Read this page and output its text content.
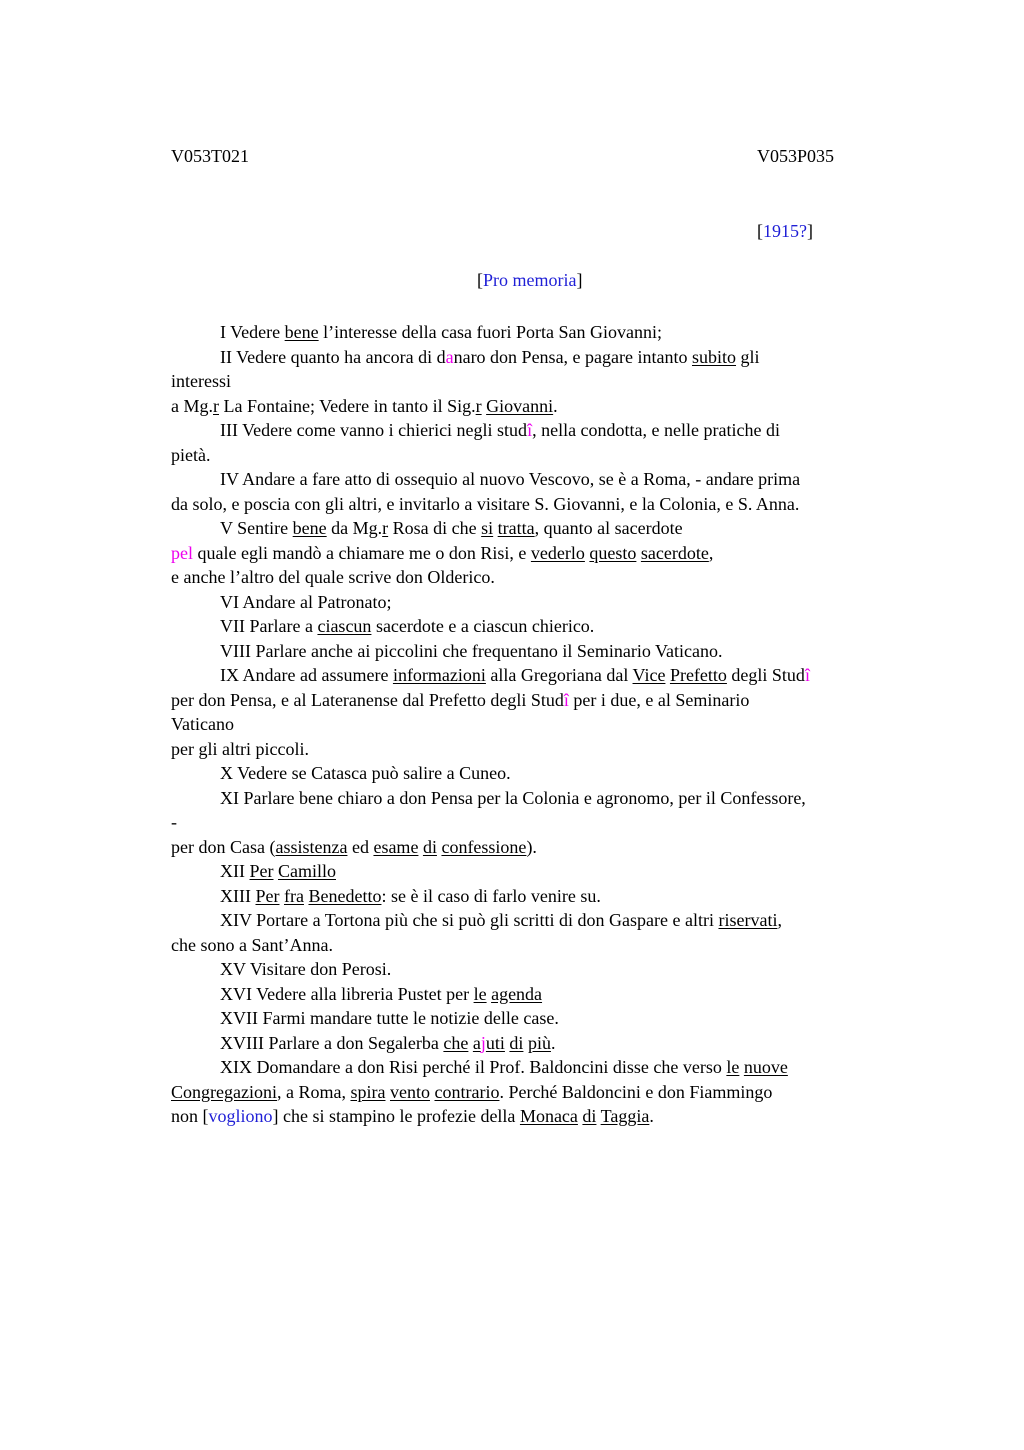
V053T021	V053P035
[1915?]
[Pro memoria]
I Vedere bene l’interesse della casa fuori Porta San Giovanni;
II Vedere quanto ha ancora di danaro don Pensa, e pagare intanto subito gli
interessi
a Mg.r La Fontaine; Vedere in tanto il Sig.r Giovanni.
III Vedere come vanno i chierici negli studî, nella condotta, e nelle pratiche di
pietà.
IV Andare a fare atto di ossequio al nuovo Vescovo, se è a Roma, - andare prima
da solo, e poscia con gli altri, e invitarlo a visitare S. Giovanni, e la Colonia, e S. Anna.
V Sentire bene da Mg.r Rosa di che si tratta, quanto al sacerdote
pel quale egli mandò a chiamare me o don Risi, e vederlo questo sacerdote,
e anche l’altro del quale scrive don Olderico.
VI Andare al Patronato;
VII Parlare a ciascun sacerdote e a ciascun chierico.
VIII Parlare anche ai piccolini che frequentano il Seminario Vaticano.
IX Andare ad assumere informazioni alla Gregoriana dal Vice Prefetto degli Studî
per don Pensa, e al Lateranense dal Prefetto degli Studî per i due, e al Seminario
Vaticano
per gli altri piccoli.
X Vedere se Catasca può salire a Cuneo.
XI Parlare bene chiaro a don Pensa per la Colonia e agronomo, per il Confessore,
-
per don Casa (assistenza ed esame di confessione).
XII Per Camillo
XIII Per fra Benedetto: se è il caso di farlo venire su.
XIV Portare a Tortona più che si può gli scritti di don Gaspare e altri riservati,
che sono a Sant’Anna.
XV Visitare don Perosi.
XVI Vedere alla libreria Pustet per le agenda
XVII Farmi mandare tutte le notizie delle case.
XVIII Parlare a don Segalerba che ajuti di più.
XIX Domandare a don Risi perché il Prof. Baldoncini disse che verso le nuove
Congregazioni, a Roma, spira vento contrario. Perché Baldoncini e don Fiammingo
non [vogliono] che si stampino le profezie della Monaca di Taggia.
